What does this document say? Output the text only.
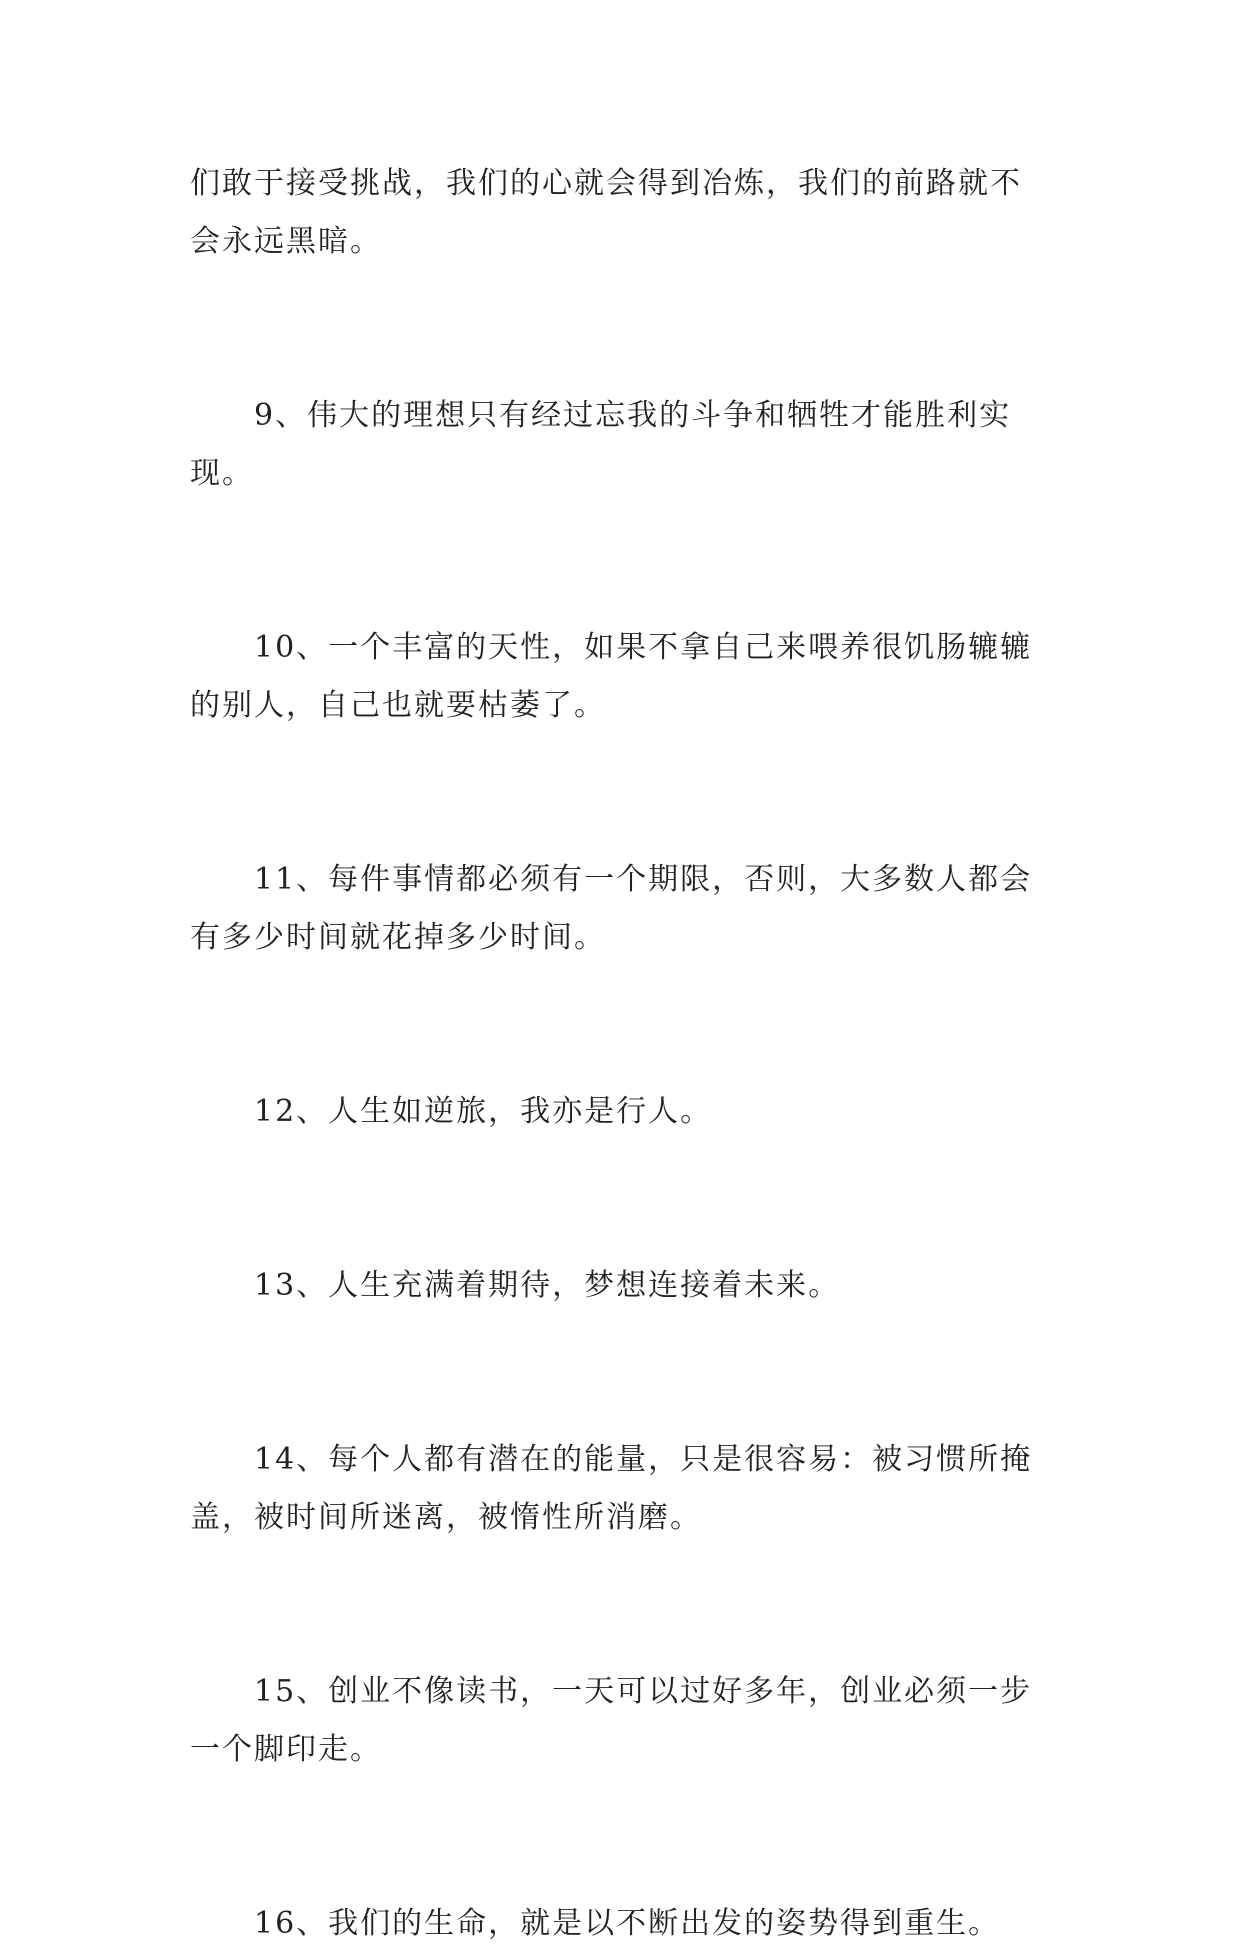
们敢于接受挑战，我们的心就会得到冶炼，我们的前路就不会永远黑暗。

9、伟大的理想只有经过忘我的斗争和牺牲才能胜利实现。

10、一个丰富的天性，如果不拿自己来喂养很饥肠辘辘的别人，自己也就要枯萎了。

11、每件事情都必须有一个期限，否则，大多数人都会有多少时间就花掉多少时间。

12、人生如逆旅，我亦是行人。

13、人生充满着期待，梦想连接着未来。

14、每个人都有潜在的能量，只是很容易：被习惯所掩盖，被时间所迷离，被惰性所消磨。

15、创业不像读书，一天可以过好多年，创业必须一步一个脚印走。

16、我们的生命，就是以不断出发的姿势得到重生。
